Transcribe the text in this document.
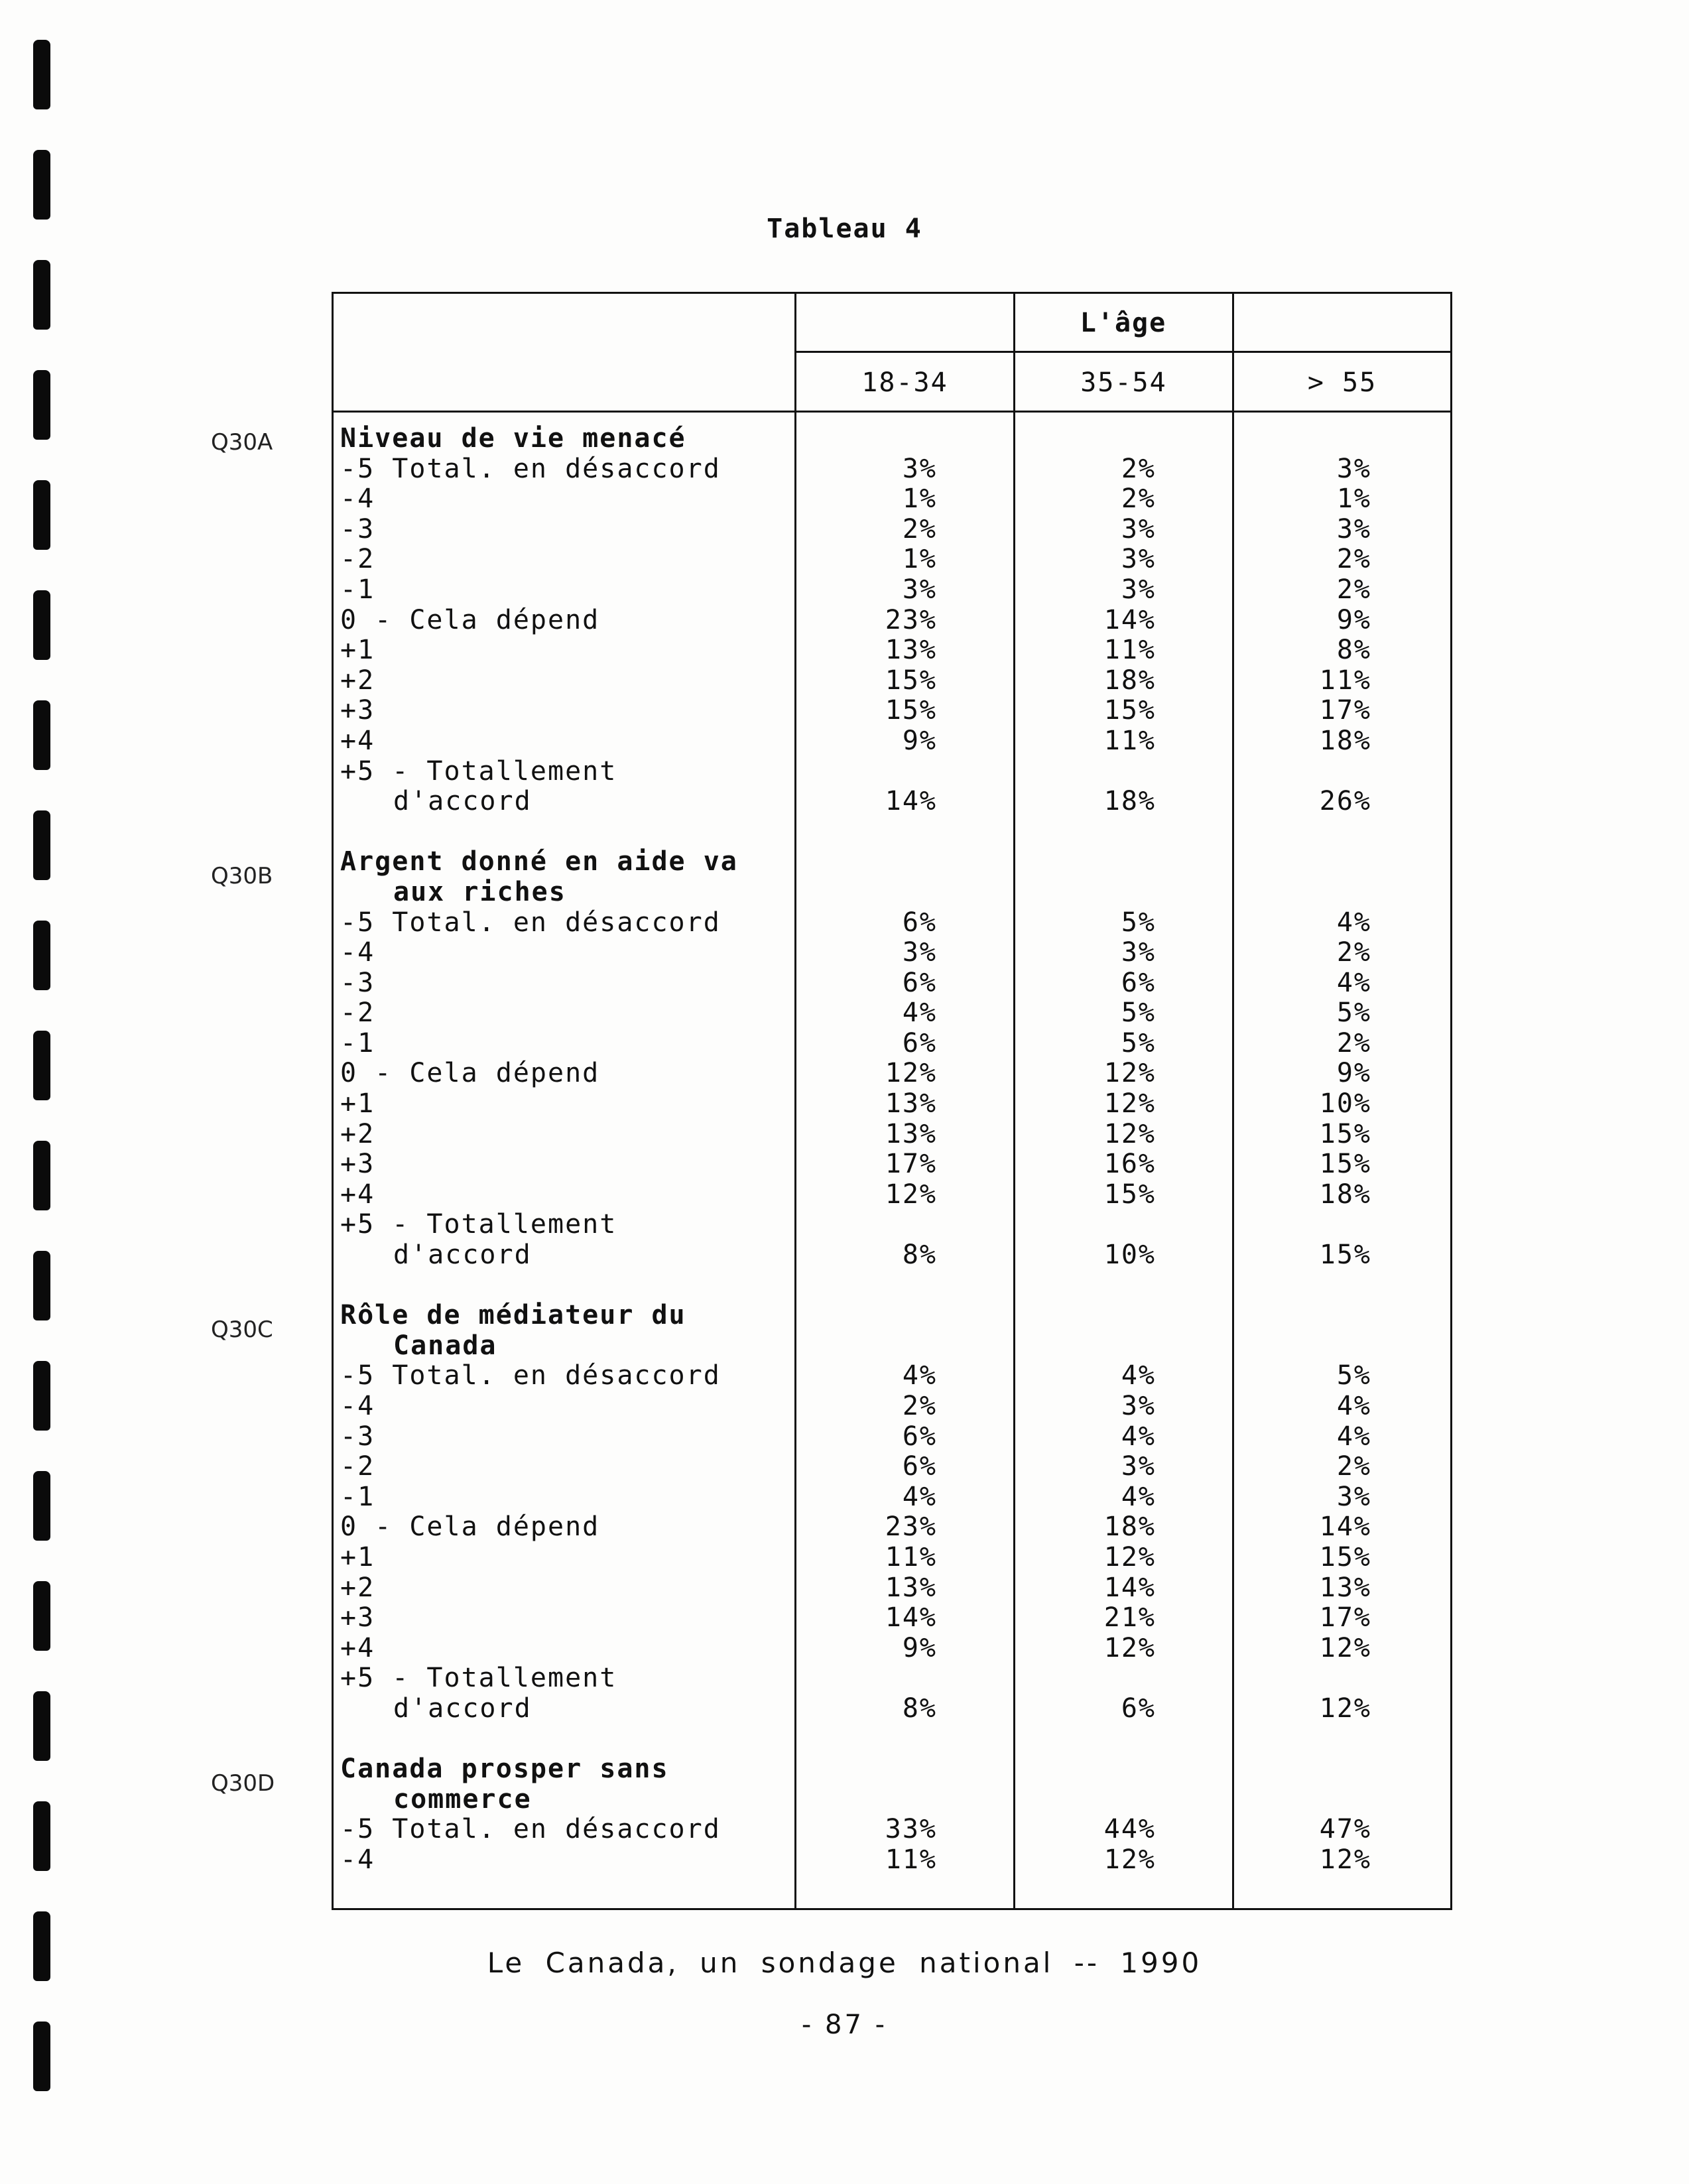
Tableau 4
Q30A
Q30B
Q30C
Q30D
L'âge
18-34	35-54	> 55
Niveau de vie menacé
-5 Total. en désaccord	3%	2%	3%
-4	1%	2%	1%
-3	2%	3%	3%
-2	1%	3%	2%
-1	3%	3%	2%
0 - Cela dépend	23%	14%	9%
+1	13%	11%	8%
+2	15%	18%	11%
+3	15%	15%	17%
+4	9%	11%	18%
+5 - Totallement
d'accord	14%	18%	26%
Argent donné en aide va
aux riches
-5 Total. en désaccord	6%	5%	4%
-4	3%	3%	2%
-3	6%	6%	4%
-2	4%	5%	5%
-1	6%	5%	2%
0 - Cela dépend	12%	12%	9%
+1	13%	12%	10%
+2	13%	12%	15%
+3	17%	16%	15%
+4	12%	15%	18%
+5 - Totallement
d'accord	8%	10%	15%
Rôle de médiateur du
Canada
-5 Total. en désaccord	4%	4%	5%
-4	2%	3%	4%
-3	6%	4%	4%
-2	6%	3%	2%
-1	4%	4%	3%
0 - Cela dépend	23%	18%	14%
+1	11%	12%	15%
+2	13%	14%	13%
+3	14%	21%	17%
+4	9%	12%	12%
+5 - Totallement
d'accord	8%	6%	12%
Canada prosper sans
commerce
-5 Total. en désaccord	33%	44%	47%
-4	11%	12%	12%
Le Canada, un sondage national -- 1990
- 87 -
